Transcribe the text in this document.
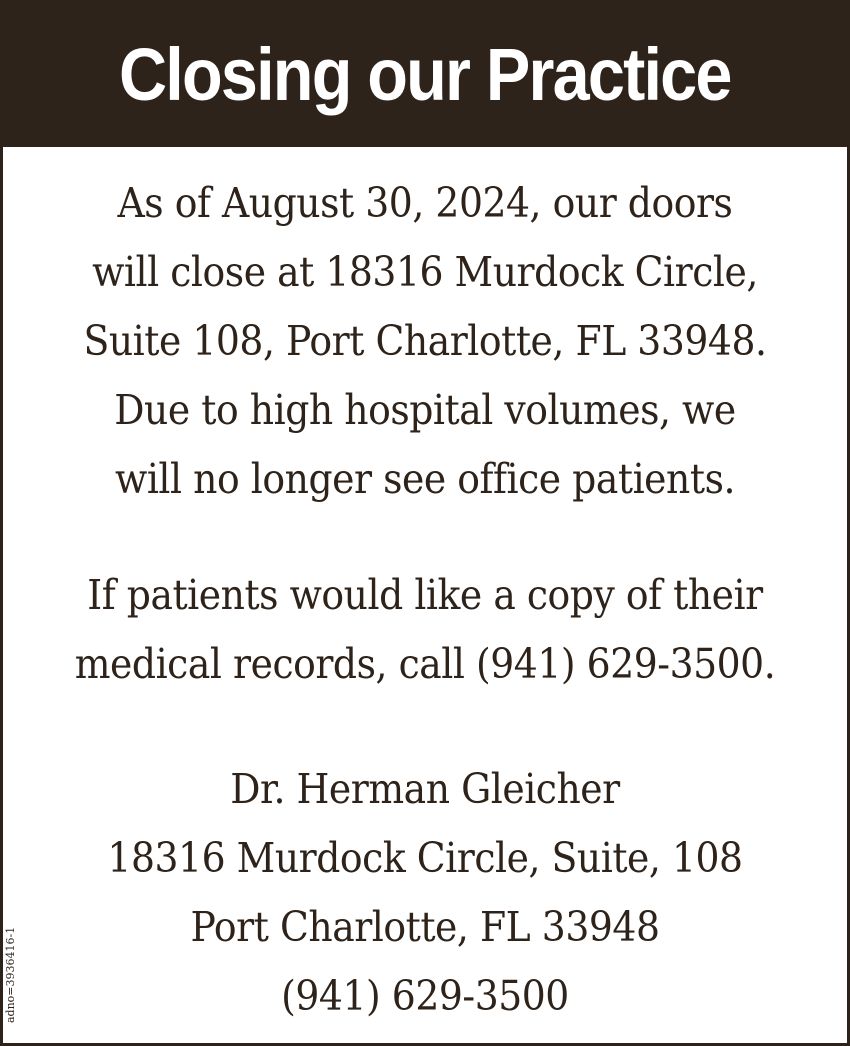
Closing our Practice
As of August 30, 2024, our doors
will close at 18316 Murdock Circle,
Suite 108, Port Charlotte, FL 33948.
Due to high hospital volumes, we
will no longer see office patients.
If patients would like a copy of their
medical records, call (941) 629-3500.
Dr. Herman Gleicher
18316 Murdock Circle, Suite, 108
Port Charlotte, FL 33948
(941) 629-3500
adno=3936416-1
